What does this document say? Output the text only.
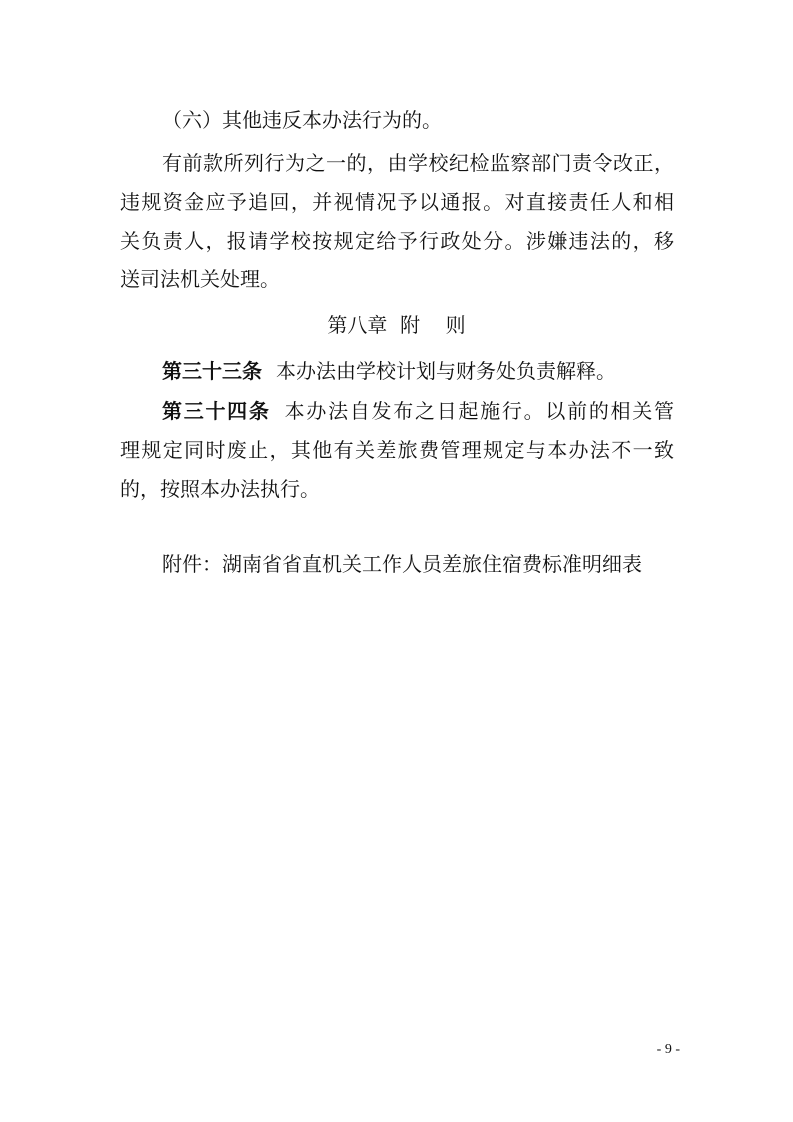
（六）其他违反本办法行为的。
有前款所列行为之一的，由学校纪检监察部门责令改正，
违规资金应予追回，并视情况予以通报。对直接责任人和相
关负责人，报请学校按规定给予行政处分。涉嫌违法的，移
送司法机关处理。
第八章  附    则
第三十三条 本办法由学校计划与财务处负责解释。
第三十四条 本办法自发布之日起施行。以前的相关管
理规定同时废止，其他有关差旅费管理规定与本办法不一致
的，按照本办法执行。
附件：湖南省省直机关工作人员差旅住宿费标准明细表
- 9 -
